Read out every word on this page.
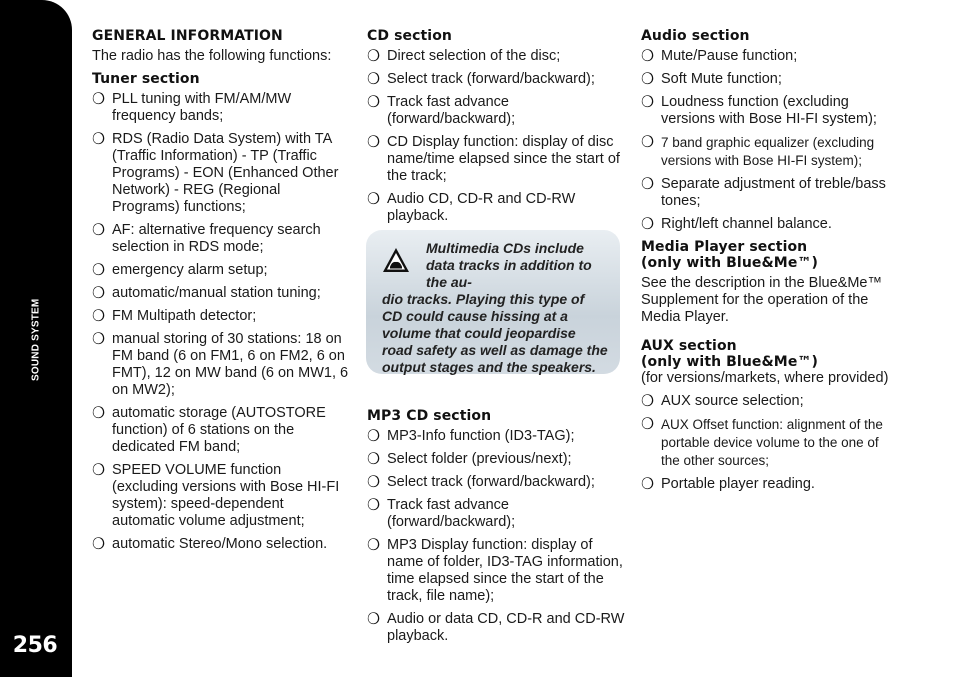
SOUND SYSTEM
256
GENERAL INFORMATION
The radio has the following functions:
Tuner section
❍ PLL tuning with FM/AM/MW frequency bands;
❍ RDS (Radio Data System) with TA (Traffic Information) - TP (Traffic Programs) - EON (Enhanced Other Network) - REG (Regional Programs) functions;
❍ AF: alternative frequency search selection in RDS mode;
❍ emergency alarm setup;
❍ automatic/manual station tuning;
❍ FM Multipath detector;
❍ manual storing of 30 stations: 18 on FM band (6 on FM1, 6 on FM2, 6 on FMT), 12 on MW band (6 on MW1, 6 on MW2);
❍ automatic storage (AUTOSTORE function) of 6 stations on the dedicated FM band;
❍ SPEED VOLUME function (excluding versions with Bose HI-FI system): speed-dependent automatic volume adjustment;
❍ automatic Stereo/Mono selection.
CD section
❍ Direct selection of the disc;
❍ Select track (forward/backward);
❍ Track fast advance (forward/backward);
❍ CD Display function: display of disc name/time elapsed since the start of the track;
❍ Audio CD, CD-R and CD-RW playback.
Multimedia CDs include data tracks in addition to the au-
dio tracks. Playing this type of CD could cause hissing at a volume that could jeopardise road safety as well as damage the output stages and the speakers.
MP3 CD section
❍ MP3-Info function (ID3-TAG);
❍ Select folder (previous/next);
❍ Select track (forward/backward);
❍ Track fast advance (forward/backward);
❍ MP3 Display function: display of name of folder, ID3-TAG information, time elapsed since the start of the track, file name);
❍ Audio or data CD, CD-R and CD-RW playback.
Audio section
❍ Mute/Pause function;
❍ Soft Mute function;
❍ Loudness function (excluding versions with Bose HI-FI system);
❍ 7 band graphic equalizer (excluding versions with Bose HI-FI system);
❍ Separate adjustment of treble/bass tones;
❍ Right/left channel balance.
Media Player section
(only with Blue&Me™)
See the description in the Blue&Me™ Supplement for the operation of the Media Player.
AUX section
(only with Blue&Me™)
(for versions/markets, where provided)
❍ AUX source selection;
❍ AUX Offset function: alignment of the portable device volume to the one of the other sources;
❍ Portable player reading.
